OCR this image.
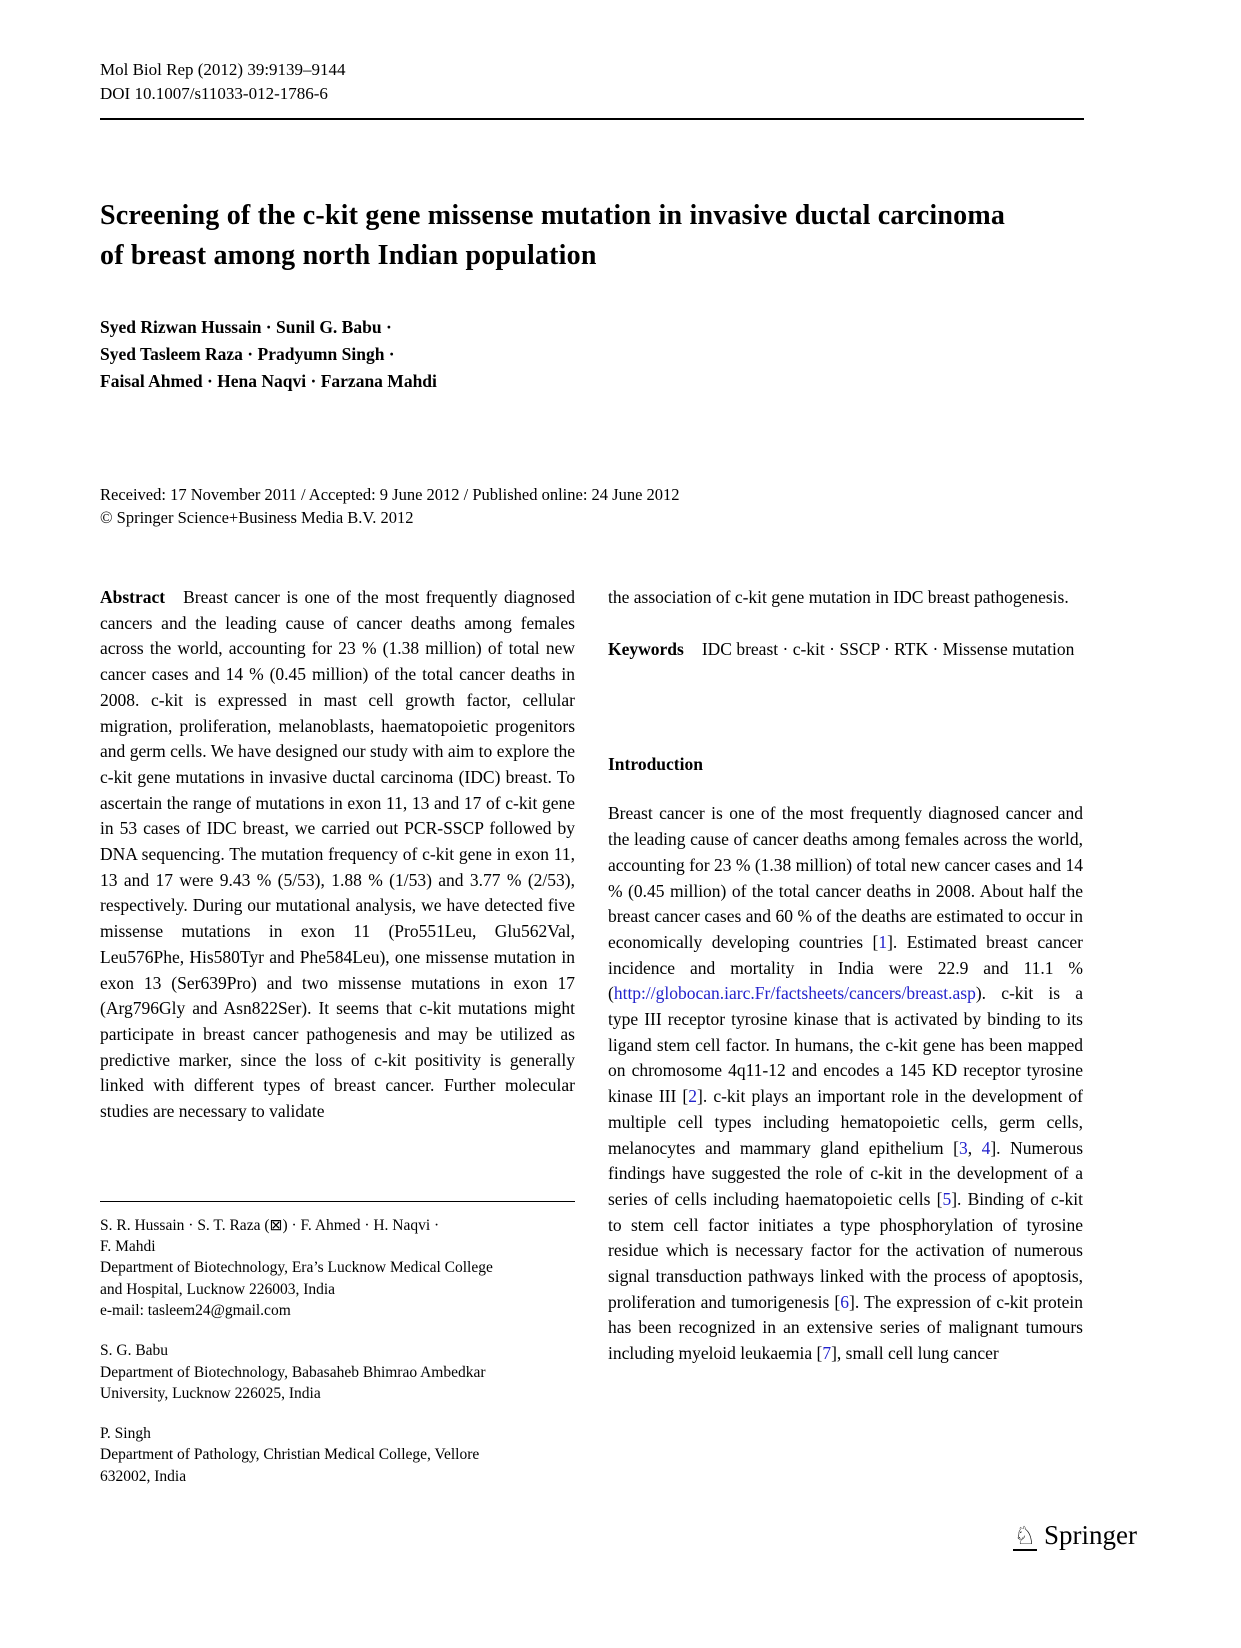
Mol Biol Rep (2012) 39:9139–9144
DOI 10.1007/s11033-012-1786-6
Screening of the c-kit gene missense mutation in invasive ductal carcinoma of breast among north Indian population
Syed Rizwan Hussain · Sunil G. Babu ·
Syed Tasleem Raza · Pradyumn Singh ·
Faisal Ahmed · Hena Naqvi · Farzana Mahdi
Received: 17 November 2011 / Accepted: 9 June 2012 / Published online: 24 June 2012
© Springer Science+Business Media B.V. 2012

Abstract Breast cancer is one of the most frequently diagnosed cancers and the leading cause of cancer deaths among females across the world, accounting for 23 % (1.38 million) of total new cancer cases and 14 % (0.45 million) of the total cancer deaths in 2008. c-kit is expressed in mast cell growth factor, cellular migration, proliferation, melanoblasts, haematopoietic progenitors and germ cells. We have designed our study with aim to explore the c-kit gene mutations in invasive ductal carcinoma (IDC) breast. To ascertain the range of mutations in exon 11, 13 and 17 of c-kit gene in 53 cases of IDC breast, we carried out PCR-SSCP followed by DNA sequencing. The mutation frequency of c-kit gene in exon 11, 13 and 17 were 9.43 % (5/53), 1.88 % (1/53) and 3.77 % (2/53), respectively. During our mutational analysis, we have detected five missense mutations in exon 11 (Pro551Leu, Glu562Val, Leu576Phe, His580Tyr and Phe584Leu), one missense mutation in exon 13 (Ser639Pro) and two missense mutations in exon 17 (Arg796Gly and Asn822Ser). It seems that c-kit mutations might participate in breast cancer pathogenesis and may be utilized as predictive marker, since the loss of c-kit positivity is generally linked with different types of breast cancer. Further molecular studies are necessary to validate

S. R. Hussain · S. T. Raza (⊠) · F. Ahmed · H. Naqvi ·
F. Mahdi
Department of Biotechnology, Era’s Lucknow Medical College
and Hospital, Lucknow 226003, India
e-mail: tasleem24@gmail.com
S. G. Babu
Department of Biotechnology, Babasaheb Bhimrao Ambedkar
University, Lucknow 226025, India
P. Singh
Department of Pathology, Christian Medical College, Vellore
632002, India

the association of c-kit gene mutation in IDC breast pathogenesis.

Keywords IDC breast · c-kit · SSCP · RTK · Missense mutation

Introduction

Breast cancer is one of the most frequently diagnosed cancer and the leading cause of cancer deaths among females across the world, accounting for 23 % (1.38 million) of total new cancer cases and 14 % (0.45 million) of the total cancer deaths in 2008. About half the breast cancer cases and 60 % of the deaths are estimated to occur in economically developing countries [1]. Estimated breast cancer incidence and mortality in India were 22.9 and 11.1 % (http://globocan.iarc.Fr/factsheets/cancers/breast.asp). c-kit is a type III receptor tyrosine kinase that is activated by binding to its ligand stem cell factor. In humans, the c-kit gene has been mapped on chromosome 4q11-12 and encodes a 145 KD receptor tyrosine kinase III [2]. c-kit plays an important role in the development of multiple cell types including hematopoietic cells, germ cells, melanocytes and mammary gland epithelium [3, 4]. Numerous findings have suggested the role of c-kit in the development of a series of cells including haematopoietic cells [5]. Binding of c-kit to stem cell factor initiates a type phosphorylation of tyrosine residue which is necessary factor for the activation of numerous signal transduction pathways linked with the process of apoptosis, proliferation and tumorigenesis [6]. The expression of c-kit protein has been recognized in an extensive series of malignant tumours including myeloid leukaemia [7], small cell lung cancer

♘ Springer
